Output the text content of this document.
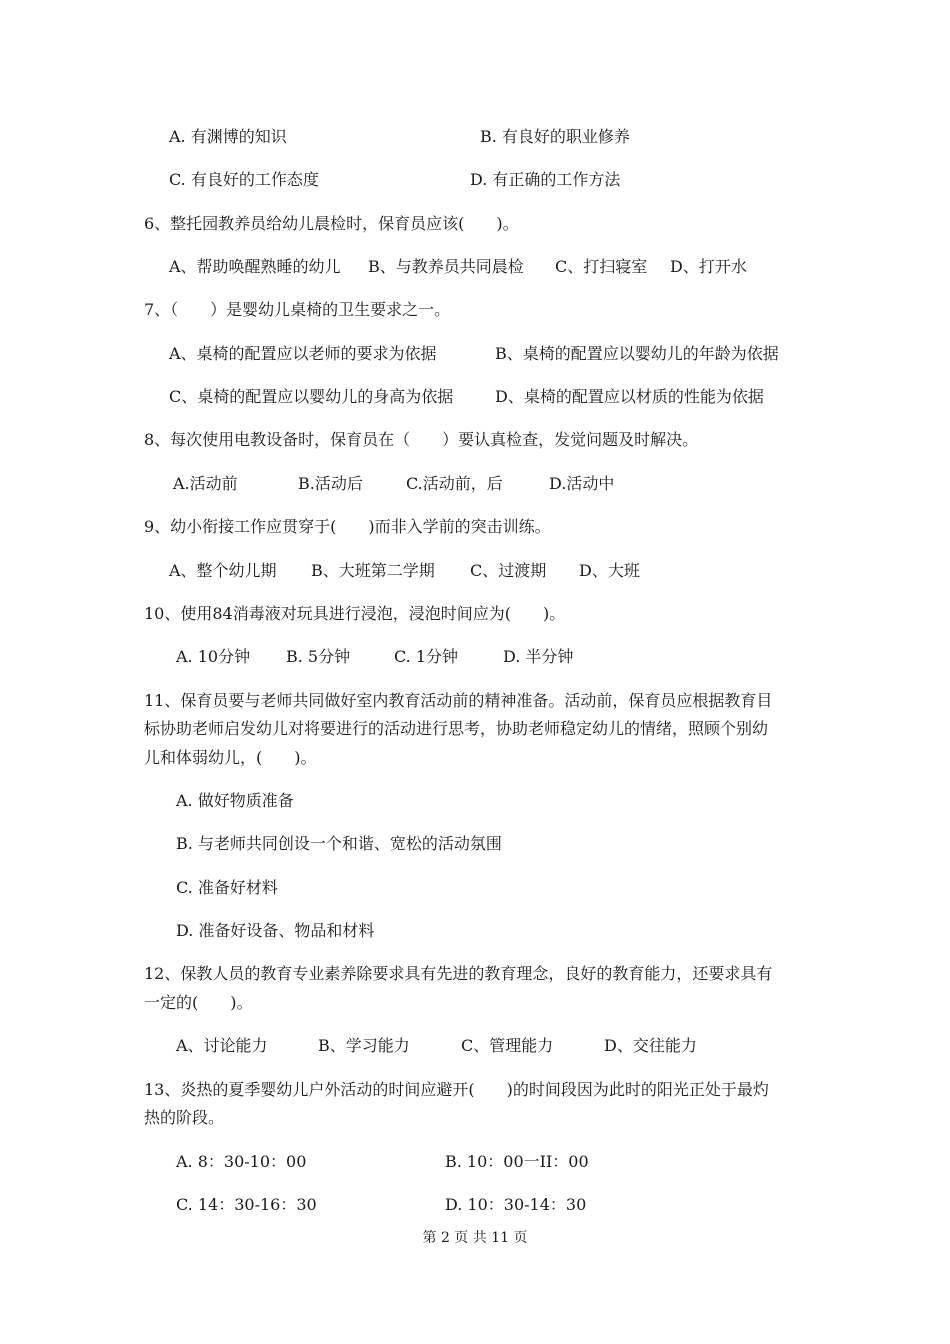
A. 有渊博的知识	B. 有良好的职业修养
C. 有良好的工作态度	D. 有正确的工作方法
6、整托园教养员给幼儿晨检时，保育员应该(　　)。
A、帮助唤醒熟睡的幼儿 B、与教养员共同晨检 C、打扫寝室 D、打开水
7、（　　）是婴幼儿桌椅的卫生要求之一。
A、桌椅的配置应以老师的要求为依据	B、桌椅的配置应以婴幼儿的年龄为依据
C、桌椅的配置应以婴幼儿的身高为依据	D、桌椅的配置应以材质的性能为依据
8、每次使用电教设备时，保育员在（　　）要认真检查，发觉问题及时解决。
A.活动前	B.活动后	C.活动前，后	D.活动中
9、幼小衔接工作应贯穿于(　　)而非入学前的突击训练。
A、整个幼儿期 B、大班第二学期 C、过渡期 D、大班
10、使用84消毒液对玩具进行浸泡，浸泡时间应为(　　)。
A. 10分钟 B. 5分钟	C. 1分钟	D. 半分钟
11、保育员要与老师共同做好室内教育活动前的精神准备。活动前，保育员应根据教育目
标协助老师启发幼儿对将要进行的活动进行思考，协助老师稳定幼儿的情绪，照顾个别幼
儿和体弱幼儿，(　　)。
A. 做好物质准备
B. 与老师共同创设一个和谐、宽松的活动氛围
C. 准备好材料
D. 准备好设备、物品和材料
12、保教人员的教育专业素养除要求具有先进的教育理念，良好的教育能力，还要求具有
一定的(　　)。
A、讨论能力	B、学习能力	C、管理能力	D、交往能力
13、炎热的夏季婴幼儿户外活动的时间应避开(　　)的时间段因为此时的阳光正处于最灼
热的阶段。
A. 8：30-10：00	B. 10：00一II：00
C. 14：30-16：30	D. 10：30-14：30
第 2 页 共 11 页
